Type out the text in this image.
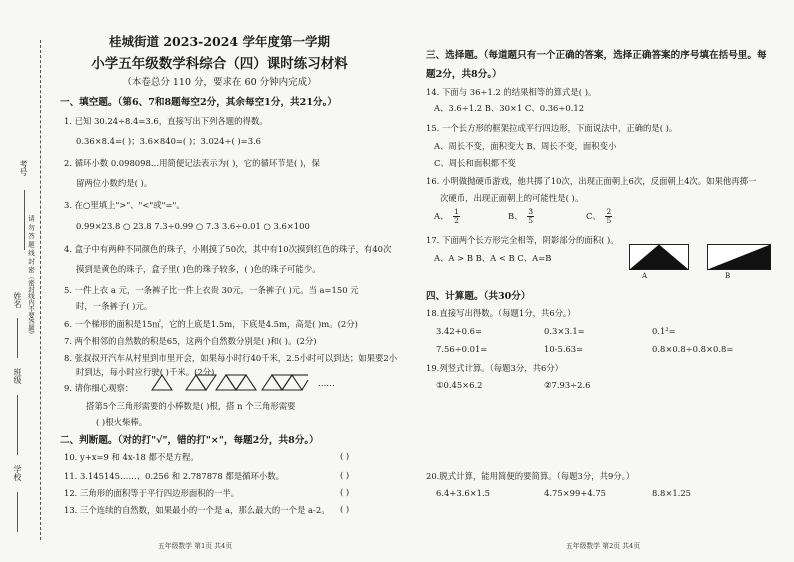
考号
请 勿 答 题 线 封 密（密封线内不要答题）
姓名
班级
学校
桂城街道 2023-2024 学年度第一学期
小学五年级数学科综合（四）课时练习材料
（本卷总分 110 分，要求在 60 分钟内完成）
一、填空题。（第6、7和8题每空2分，其余每空1分，共21分。）
1. 已知 30.24÷8.4=3.6，直接写出下列各题的得数。
0.36×8.4=( )；3.6×840=( )；3.024÷( )=3.6
2. 循环小数 0.098098…用简便记法表示为( )，它的循环节是( )，保
留两位小数约是( )。
3. 在○里填上">"、"<"或"="。
0.99×23.8 ○ 23.8 7.3÷0.99 ○ 7.3 3.6÷0.01 ○ 3.6×100
4. 盒子中有两种不同颜色的珠子，小刚摸了50次，其中有10次摸到红色的珠子，有40次
摸到是黄色的珠子，盒子里( )色的珠子较多，( )色的珠子可能少。
5. 一件上衣 a 元，一条裤子比一件上衣贵 30元，一条裤子( )元。当 a=150 元
时，一条裤子( )元。
6. 一个梯形的面积是15㎡，它的上底是1.5m，下底是4.5m，高是( )m。(2分)
7. 两个相邻的自然数的积是65，这两个自然数分别是( )和( )。(2分)
8. 张叔叔开汽车从村里到市里开会，如果每小时行40千米，2.5小时可以到达；如果要2小
时到达，每小时应行驶( )千米。(2分)
9. 请你细心观察：	……
搭第5个三角形需要的小棒数是( )根，搭 n 个三角形需要
( )根火柴棒。
二、判断题。（对的打"√"，错的打"×"，每题2分，共8分。）
10. y+x=9 和 4x-18 都不是方程。	( )
11. 3.145145……、0.2̇56̇ 和 2.787878 都是循环小数。	( )
12. 三角形的面积等于平行四边形面积的一半。	( )
13. 三个连续的自然数，如果最小的一个是 a，那么最大的一个是 a-2。 ( )
五年级数学 第1页 共4页
三、选择题。（每道题只有一个正确的答案，选择正确答案的序号填在括号里。每
题2分，共8分。）
14. 下面与 36÷1.2 的结果相等的算式是( )。
A、3.6÷1.2 B、30×1 C、0.36÷0.12
15. 一个长方形的框架拉成平行四边形，下面说法中，正确的是( )。
A、周长不变，面积变大 B、周长不变，面积变小
C、周长和面积都不变
16. 小明做抛硬币游戏，他共掷了10次，出现正面朝上6次，反面朝上4次。如果他再掷一
次硬币，出现正面朝上的可能性是( )。
A、 $\frac{1}{2}$	B、 $\frac{3}{5}$	C、 $\frac{2}{5}$
17. 下面两个长方形完全相等，阴影部分的面积( )。
A、A > B B、A < B C、A=B
A	B
四、计算题。（共30分）
18.直接写出得数。（每题1分，共6分。）
3.42+0.6=	0.3×3.1=	0.1²=
7.56÷0.01=	10-5.63=	0.8×0.8÷0.8×0.8=
19.列竖式计算。（每题3分，共6分）
①0.45×6.2	②7.93÷2.6
20.脱式计算，能用简便的要简算。（每题3分，共9分。）
6.4+3.6×1.5	4.75×99+4.75	8.8×1.25
五年级数学 第2页 共4页
